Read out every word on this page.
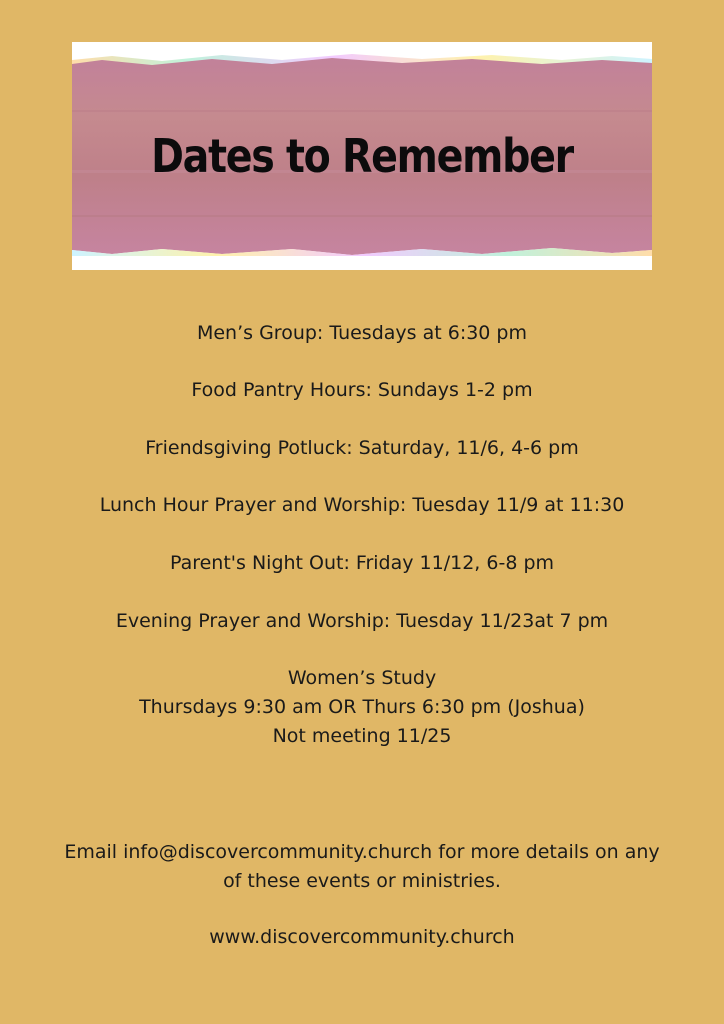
Dates to Remember
Men’s Group: Tuesdays at 6:30 pm
Food Pantry Hours: Sundays 1-2 pm
Friendsgiving Potluck: Saturday, 11/6, 4-6 pm
Lunch Hour Prayer and Worship: Tuesday 11/9 at 11:30
Parent's Night Out: Friday 11/12, 6-8 pm
Evening Prayer and Worship: Tuesday 11/23at 7 pm
Women’s Study
Thursdays 9:30 am OR Thurs 6:30 pm (Joshua)
Not meeting 11/25
Email info@discovercommunity.church for more details on any
of these events or ministries.
www.discovercommunity.church
